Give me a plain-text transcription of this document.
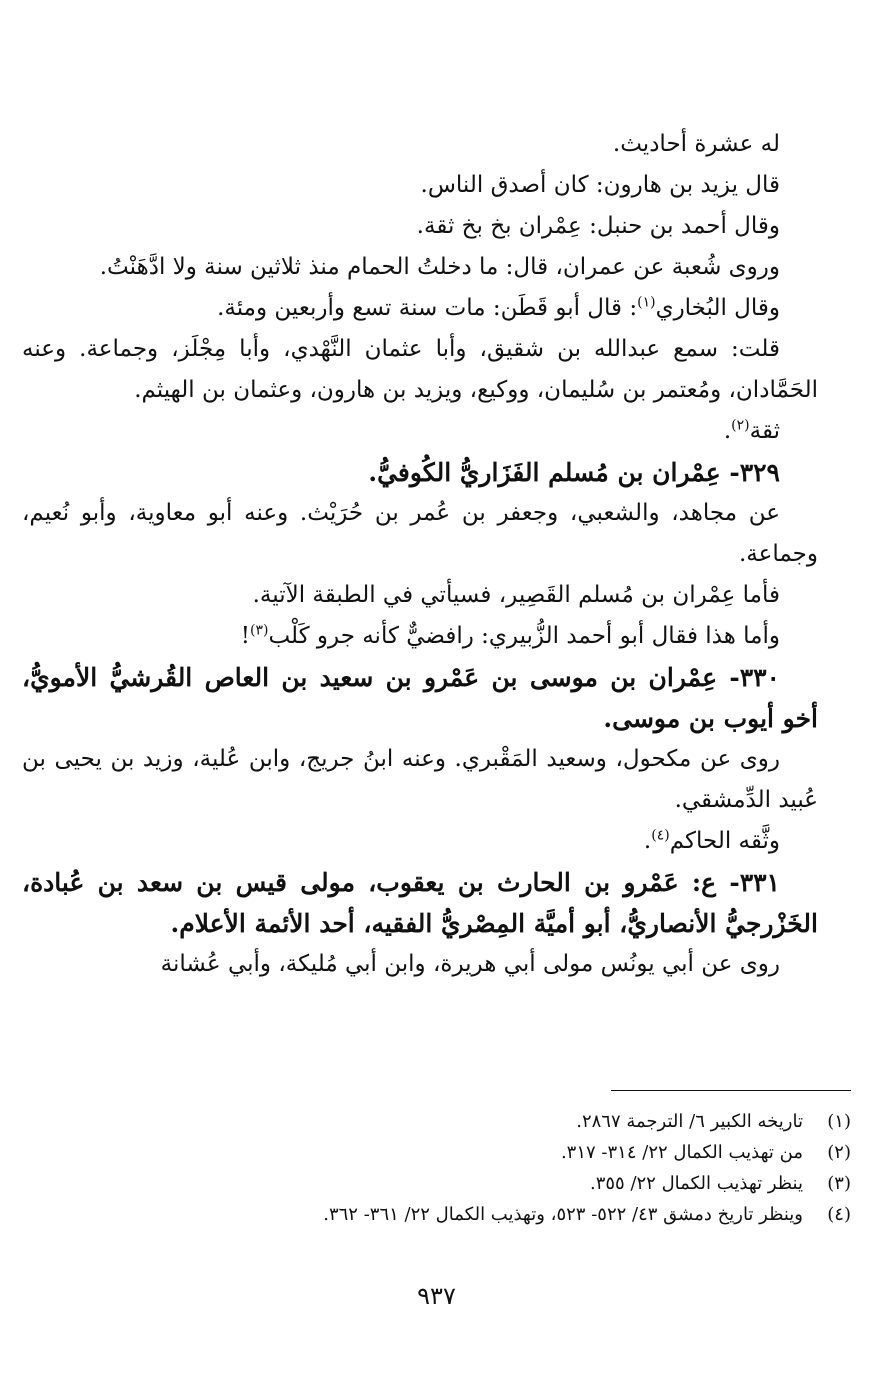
له عشرة أحاديث.

قال يزيد بن هارون: كان أصدق الناس.

وقال أحمد بن حنبل: عِمْران بخ بخ ثقة.

وروى شُعبة عن عمران، قال: ما دخلتُ الحمام منذ ثلاثين سنة ولا ادَّهَنْتُ.

وقال البُخاري$^{(١)}$: قال أبو قَطَن: مات سنة تسع وأربعين ومئة.

قلت: سمع عبدالله بن شقيق، وأبا عثمان النَّهْدي، وأبا مِجْلَز، وجماعة. وعنه الحَمَّادان، ومُعتمر بن سُليمان، ووكيع، ويزيد بن هارون، وعثمان بن الهيثم.

ثقة$^{(٢)}$.

٣٢٩- عِمْران بن مُسلم الفَزَاريُّ الكُوفيُّ.

عن مجاهد، والشعبي، وجعفر بن عُمر بن حُرَيْث. وعنه أبو معاوية، وأبو نُعيم، وجماعة.

فأما عِمْران بن مُسلم القَصِير، فسيأتي في الطبقة الآتية.

وأما هذا فقال أبو أحمد الزُّبيري: رافضيٌّ كأنه جرو كَلْب$^{(٣)}$!

٣٣٠- عِمْران بن موسى بن عَمْرو بن سعيد بن العاص القُرشيُّ الأمويُّ، أخو أيوب بن موسى.

روى عن مكحول، وسعيد المَقْبري. وعنه ابنُ جريج، وابن عُلية، وزيد بن يحيى بن عُبيد الدِّمشقي.

وثَّقه الحاكم$^{(٤)}$.

٣٣١- ع: عَمْرو بن الحارث بن يعقوب، مولى قيس بن سعد بن عُبادة، الخَزْرجيُّ الأنصاريُّ، أبو أميَّة المِصْريُّ الفقيه، أحد الأئمة الأعلام.

روى عن أبي يونُس مولى أبي هريرة، وابن أبي مُليكة، وأبي عُشانة

(١)
تاريخه الكبير ٦/ الترجمة ٢٨٦٧.

(٢)
من تهذيب الكمال ٢٢/ ٣١٤- ٣١٧.

(٣)
ينظر تهذيب الكمال ٢٢/ ٣٥٥.

(٤)
وينظر تاريخ دمشق ٤٣/ ٥٢٢- ٥٢٣، وتهذيب الكمال ٢٢/ ٣٦١- ٣٦٢.

٩٣٧
